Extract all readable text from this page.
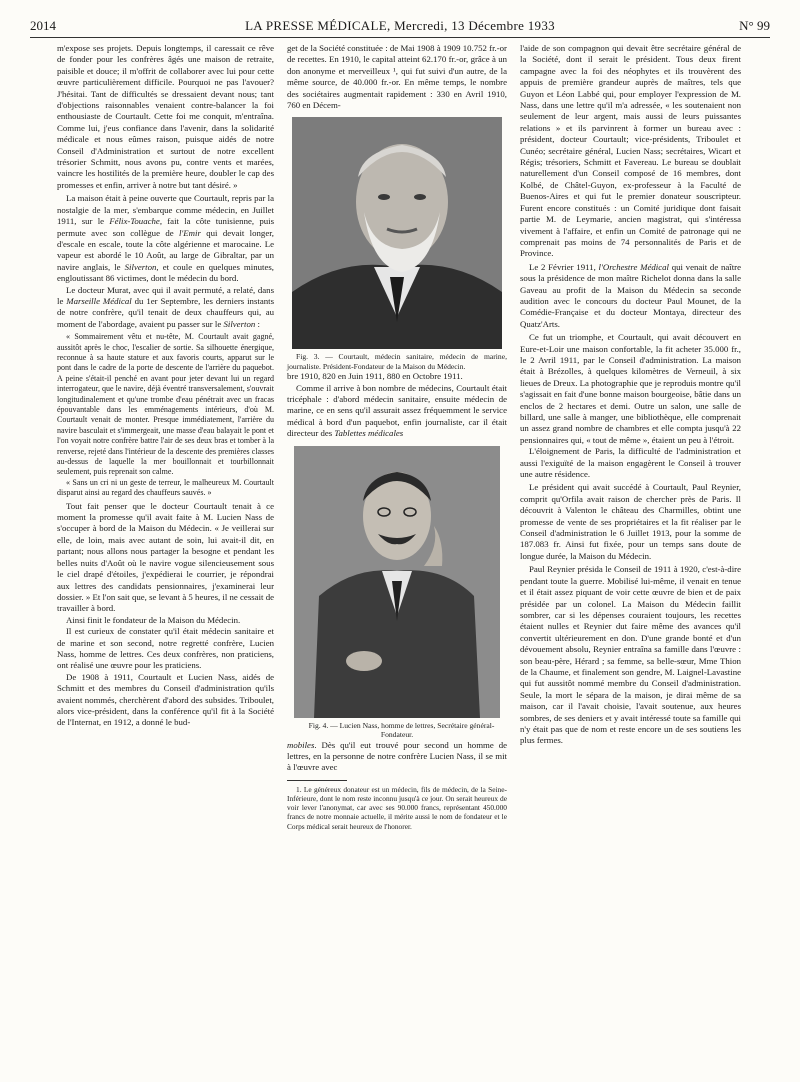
2014	LA PRESSE MÉDICALE, Mercredi, 13 Décembre 1933	N° 99

m'expose ses projets. Depuis longtemps, il caressait ce rêve de fonder pour les confrères âgés une maison de retraite, paisible et douce; il m'offrit de collaborer avec lui pour cette œuvre particulièrement difficile. Pourquoi ne pas l'avouer? J'hésitai. Tant de difficultés se dressaient devant nous; tant d'objections raisonnables venaient contre-balancer la foi enthousiaste de Courtault. Cette foi me conquit, m'entraîna. Comme lui, j'eus confiance dans l'avenir, dans la solidarité médicale et nous eûmes raison, puisque aidés de notre Conseil d'Administration et surtout de notre excellent trésorier Schmitt, nous avons pu, contre vents et marées, vaincre les hostilités de la première heure, doubler le cap des promesses et enfin, arriver à notre but tant désiré. »

La maison était à peine ouverte que Courtault, repris par la nostalgie de la mer, s'embarque comme médecin, en Juillet 1911, sur le Félix-Touache, fait la côte tunisienne, puis permute avec son collègue de l'Emir qui devait longer, d'escale en escale, toute la côte algérienne et marocaine. Le vapeur est abordé le 10 Août, au large de Gibraltar, par un navire anglais, le Silverton, et coule en quelques minutes, engloutissant 86 victimes, dont le médecin du bord.

Le docteur Murat, avec qui il avait permuté, a relaté, dans le Marseille Médical du 1er Septembre, les derniers instants de notre confrère, qu'il tenait de deux chauffeurs qui, au moment de l'abordage, avaient pu passer sur le Silverton :

« Sommairement vêtu et nu-tête, M. Courtault avait gagné, aussitôt après le choc, l'escalier de sortie. Sa silhouette énergique, reconnue à sa haute stature et aux favoris courts, apparut sur le pont dans le cadre de la porte de descente de l'arrière du paquebot. A peine s'était-il penché en avant pour jeter devant lui un regard interrogateur, que le navire, déjà éventré transversalement, s'ouvrait longitudinalement et qu'une trombe d'eau pénétrait avec un fracas épouvantable dans les emménagements intérieurs, d'où M. Courtault venait de monter. Presque immédiatement, l'arrière du navire basculait et s'immergeait, une masse d'eau balayait le pont et l'on voyait notre confrère battre l'air de ses deux bras et tomber à la renverse, rejeté dans l'intérieur de la descente des premières classes au-dessus de laquelle la mer bouillonnait et tourbillonnait seulement, puis reprenait son calme.

« Sans un cri ni un geste de terreur, le malheureux M. Courtault disparut ainsi au regard des chauffeurs sauvés. »

Tout fait penser que le docteur Courtault tenait à ce moment la promesse qu'il avait faite à M. Lucien Nass de s'occuper à bord de la Maison du Médecin. « Je veillerai sur elle, de loin, mais avec autant de soin, lui avait-il dit, en partant; nous allons nous partager la besogne et pendant les belles nuits d'Août où le navire vogue silencieusement sous le ciel drapé d'étoiles, j'expédierai le courrier, je répondrai aux lettres des candidats pensionnaires, j'examinerai leur dossier. » Et l'on sait que, se levant à 5 heures, il ne cessait de travailler à bord.

Ainsi finit le fondateur de la Maison du Médecin.

Il est curieux de constater qu'il était médecin sanitaire et de marine et son second, notre regretté confrère, Lucien Nass, homme de lettres. Ces deux confrères, non praticiens, ont réalisé une œuvre pour les praticiens.

De 1908 à 1911, Courtault et Lucien Nass, aidés de Schmitt et des membres du Conseil d'administration qu'ils avaient nommés, cherchèrent d'abord des subsides. Triboulet, alors vice-président, dans la conférence qu'il fit à la Société de l'Internat, en 1912, a donné le bud-

get de la Société constituée : de Mai 1908 à 1909 10.752 fr.-or de recettes. En 1910, le capital atteint 62.170 fr.-or, grâce à un don anonyme et merveilleux ¹, qui fut suivi d'un autre, de la même source, de 40.000 fr.-or. En même temps, le nombre des sociétaires augmentait rapidement : 330 en Avril 1910, 760 en Décem-

Fig. 3. — Courtault, médecin sanitaire, médecin de marine, journaliste. Président-Fondateur de la Maison du Médecin.

bre 1910, 820 en Juin 1911, 880 en Octobre 1911.

Comme il arrive à bon nombre de médecins, Courtault était tricéphale : d'abord médecin sanitaire, ensuite médecin de marine, ce en sens qu'il assurait assez fréquemment le service médical à bord d'un paquebot, enfin journaliste, car il était directeur des Tablettes médicales

Fig. 4. — Lucien Nass, homme de lettres, Secrétaire général-Fondateur.

mobiles. Dès qu'il eut trouvé pour second un homme de lettres, en la personne de notre confrère Lucien Nass, il se mit à l'œuvre avec

1. Le généreux donateur est un médecin, fils de médecin, de la Seine-Inférieure, dont le nom reste inconnu jusqu'à ce jour. On serait heureux de voir lever l'anonymat, car avec ses 90.000 francs, représentant 450.000 francs de notre monnaie actuelle, il mérite aussi le nom de fondateur et le Corps médical serait heureux de l'honorer.

l'aide de son compagnon qui devait être secrétaire général de la Société, dont il serait le président. Tous deux firent campagne avec la foi des néophytes et ils trouvèrent des appuis de première grandeur auprès de maîtres, tels que Guyon et Léon Labbé qui, pour employer l'expression de M. Nass, dans une lettre qu'il m'a adressée, « les soutenaient non seulement de leur argent, mais aussi de leurs puissantes relations » et ils parvinrent à former un bureau avec : président, docteur Courtault; vice-présidents, Triboulet et Cunéo; secrétaire général, Lucien Nass; secrétaires, Wicart et Régis; trésoriers, Schmitt et Favereau. Le bureau se doublait naturellement d'un Conseil composé de 16 membres, dont Kolbé, de Châtel-Guyon, ex-professeur à la Faculté de Buenos-Aires et qui fut le premier donateur souscripteur. Furent encore constitués : un Comité juridique dont faisait partie M. de Leymarie, ancien magistrat, qui s'intéressa vivement à l'affaire, et enfin un Comité de patronage qui ne comprenait pas moins de 74 personnalités de Paris et de Province.

Le 2 Février 1911, l'Orchestre Médical qui venait de naître sous la présidence de mon maître Richelot donna dans la salle Gaveau au profit de la Maison du Médecin sa seconde audition avec le concours du docteur Paul Mounet, de la Comédie-Française et du docteur Montaya, directeur des Quatz'Arts.

Ce fut un triomphe, et Courtault, qui avait découvert en Eure-et-Loir une maison confortable, la fit acheter 35.000 fr., le 2 Avril 1911, par le Conseil d'administration. La maison était à Brézolles, à quelques kilomètres de Verneuil, à six lieues de Dreux. La photographie que je reproduis montre qu'il s'agissait en fait d'une bonne maison bourgeoise, bâtie dans un enclos de 2 hectares et demi. Outre un salon, une salle de billard, une salle à manger, une bibliothèque, elle comprenait un assez grand nombre de chambres et elle compta jusqu'à 22 pensionnaires qui, « tout de même », étaient un peu à l'étroit.

L'éloignement de Paris, la difficulté de l'administration et aussi l'exiguïté de la maison engagèrent le Conseil à trouver une autre résidence.

Le président qui avait succédé à Courtault, Paul Reynier, comprit qu'Orfila avait raison de chercher près de Paris. Il découvrit à Valenton le château des Charmilles, obtint une promesse de vente de ses propriétaires et la fit réaliser par le Conseil d'administration le 6 Juillet 1913, pour la somme de 187.083 fr. Ainsi fut fixée, pour un temps sans doute de longue durée, la Maison du Médecin.

Paul Reynier présida le Conseil de 1911 à 1920, c'est-à-dire pendant toute la guerre. Mobilisé lui-même, il venait en tenue et il était assez piquant de voir cette œuvre de bien et de paix présidée par un colonel. La Maison du Médecin faillit sombrer, car si les dépenses couraient toujours, les recettes étaient nulles et Reynier dut faire même des avances qu'il convertit ultérieurement en don. D'une grande bonté et d'un dévouement absolu, Reynier entraîna sa famille dans l'œuvre : son beau-père, Hérard ; sa femme, sa belle-sœur, Mme Thion de la Chaume, et finalement son gendre, M. Laignel-Lavastine qui fut aussitôt nommé membre du Conseil d'administration. Seule, la mort le sépara de la maison, je dirai même de sa maison, car il l'avait choisie, l'avait soutenue, aux heures sombres, de ses deniers et y avait intéressé toute sa famille qui n'y était pas que de nom et reste encore un de ses soutiens les plus fermes.
